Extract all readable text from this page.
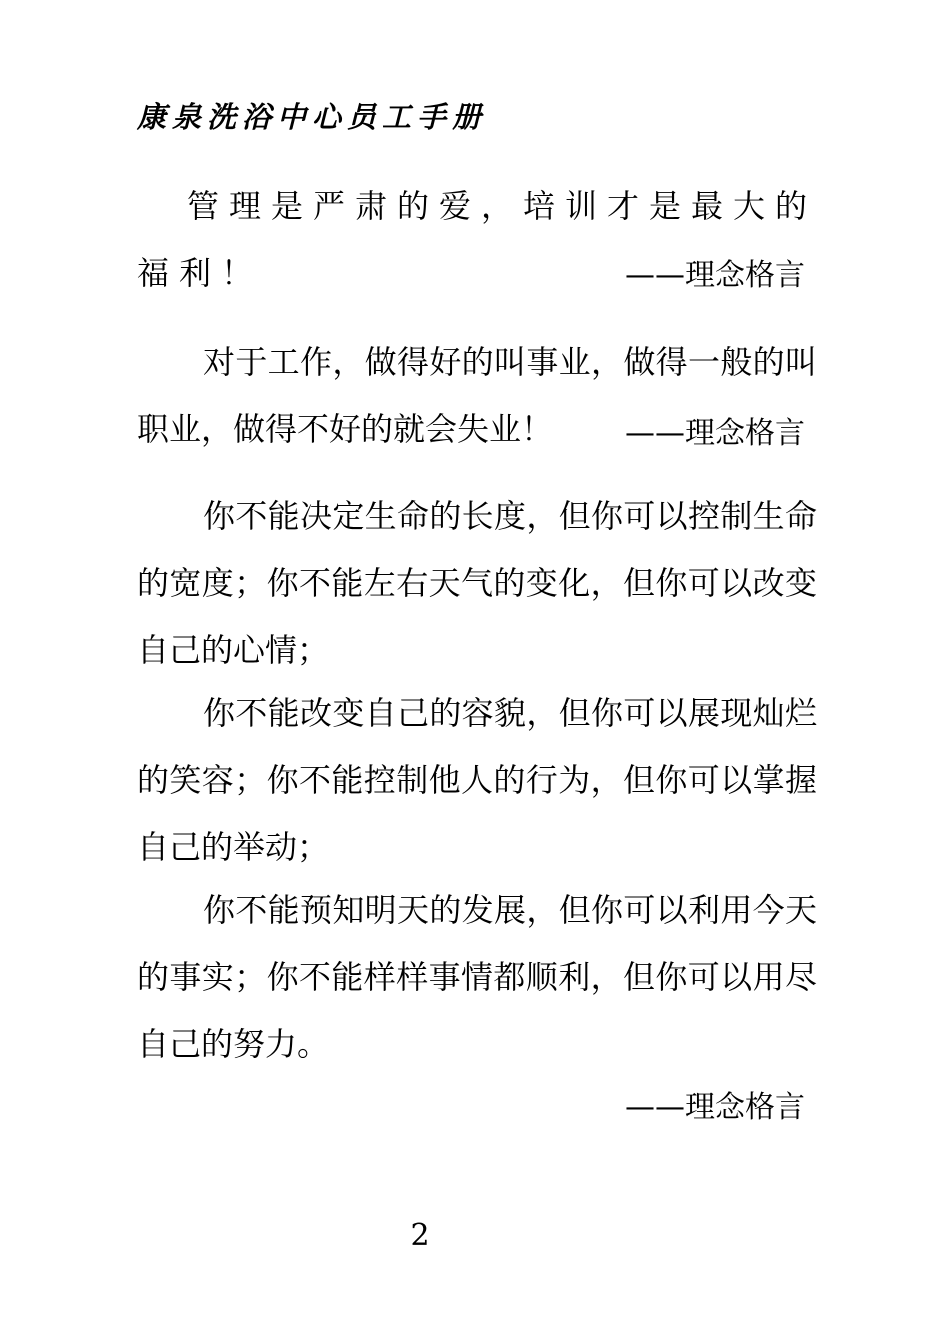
康泉洗浴中心员工手册

管理是严肃的爱，培训才是最大的福利！	——理念格言

对于工作，做得好的叫事业，做得一般的叫职业，做得不好的就会失业！	——理念格言

你不能决定生命的长度，但你可以控制生命的宽度；你不能左右天气的变化，但你可以改变自己的心情；

你不能改变自己的容貌，但你可以展现灿烂的笑容；你不能控制他人的行为，但你可以掌握自己的举动；

你不能预知明天的发展，但你可以利用今天的事实；你不能样样事情都顺利，但你可以用尽自己的努力。

——理念格言
2
